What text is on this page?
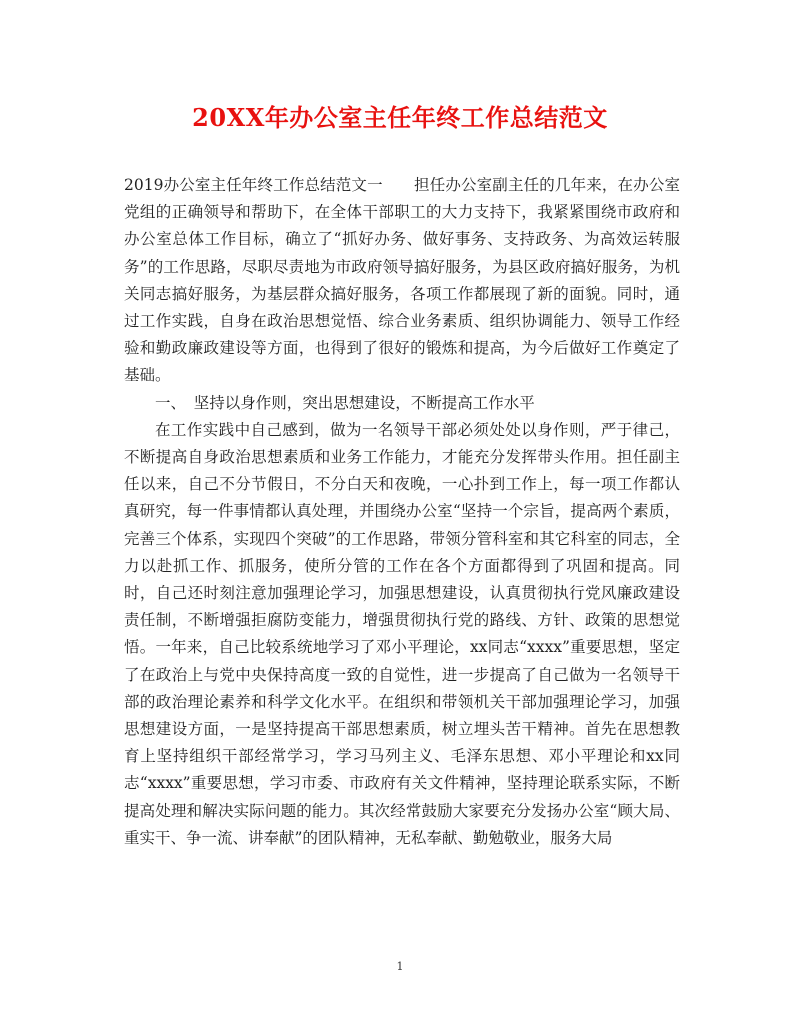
20XX年办公室主任年终工作总结范文

2019办公室主任年终工作总结范文一　　担任办公室副主任的几年来，在办公室党组的正确领导和帮助下，在全体干部职工的大力支持下，我紧紧围绕市政府和办公室总体工作目标，确立了“抓好办务、做好事务、支持政务、为高效运转服务”的工作思路，尽职尽责地为市政府领导搞好服务，为县区政府搞好服务，为机关同志搞好服务，为基层群众搞好服务，各项工作都展现了新的面貌。同时，通过工作实践，自身在政治思想觉悟、综合业务素质、组织协调能力、领导工作经验和勤政廉政建设等方面，也得到了很好的锻炼和提高，为今后做好工作奠定了基础。

一、　坚持以身作则，突出思想建设，不断提高工作水平

在工作实践中自己感到，做为一名领导干部必须处处以身作则，严于律己，不断提高自身政治思想素质和业务工作能力，才能充分发挥带头作用。担任副主任以来，自己不分节假日，不分白天和夜晚，一心扑到工作上，每一项工作都认真研究，每一件事情都认真处理，并围绕办公室“坚持一个宗旨，提高两个素质，完善三个体系，实现四个突破”的工作思路，带领分管科室和其它科室的同志，全力以赴抓工作、抓服务，使所分管的工作在各个方面都得到了巩固和提高。同时，自己还时刻注意加强理论学习，加强思想建设，认真贯彻执行党风廉政建设责任制，不断增强拒腐防变能力，增强贯彻执行党的路线、方针、政策的思想觉悟。一年来，自己比较系统地学习了邓小平理论，xx同志“xxxx”重要思想，坚定了在政治上与党中央保持高度一致的自觉性，进一步提高了自己做为一名领导干部的政治理论素养和科学文化水平。在组织和带领机关干部加强理论学习，加强思想建设方面，一是坚持提高干部思想素质，树立埋头苦干精神。首先在思想教育上坚持组织干部经常学习，学习马列主义、毛泽东思想、邓小平理论和xx同志“xxxx”重要思想，学习市委、市政府有关文件精神，坚持理论联系实际，不断提高处理和解决实际问题的能力。其次经常鼓励大家要充分发扬办公室“顾大局、重实干、争一流、讲奉献”的团队精神，无私奉献、勤勉敬业，服务大局

1
